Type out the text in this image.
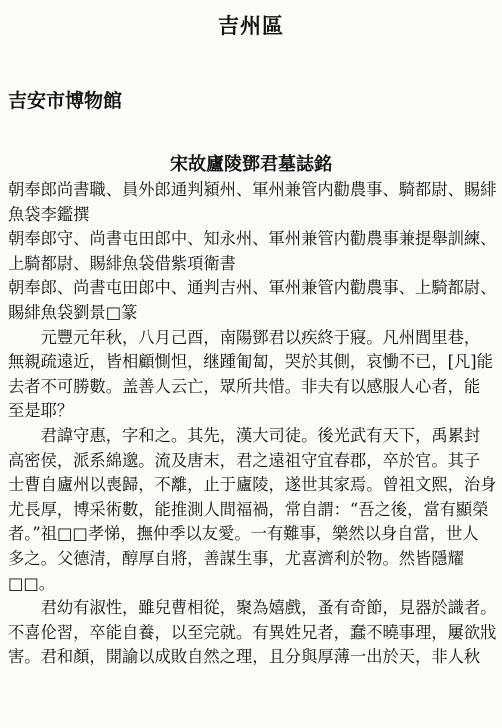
吉州區
吉安市博物館
宋故廬陵鄧君墓誌銘
朝奉郎尚書職、員外郎通判潁州、軍州兼管内勸農事、騎都尉、賜緋
魚袋李鑑撰
朝奉郎守、尚書屯田郎中、知永州、軍州兼管内勸農事兼提舉訓練、
上騎都尉、賜緋魚袋借紫項衛書
朝奉郎、尚書屯田郎中、通判吉州、軍州兼管内勸農事、上騎都尉、
賜緋魚袋劉景□篆
元豐元年秋，八月己酉，南陽鄧君以疾終于寢。凡州閭里巷，
無親疏遠近，皆相顧惻怛，继踵匍匐，哭於其側，哀慟不已，[凡]能
去者不可勝數。盖善人云亡，眾所共惜。非夫有以感服人心者，能
至是耶？
君諱守惠，字和之。其先，漢大司徒。後光武有天下，禹累封
高密侯，派系綿邈。流及唐末，君之遠祖守宜春郡，卒於官。其子
士曹自廬州以喪歸，不離，止于廬陵，遂世其家焉。曾祖文熙，治身
尤長厚，博采術數，能推測人間福禍，常自謂：“吾之後，當有顯榮
者。”祖□□孝悌，撫仲季以友愛。一有難事，樂然以身自當，世人
多之。父德清，醇厚自將，善謀生事，尤喜濟利於物。然皆隱耀
□□。
君幼有淑性，雖兒曹相從，聚為嬉戲，蚤有奇節，見器於識者。
不喜伦習，卒能自養，以至完就。有異姓兄者，蠢不曉事理，屢欲戕
害。君和顏，開諭以成敗自然之理，且分與厚薄一出於天，非人秋
